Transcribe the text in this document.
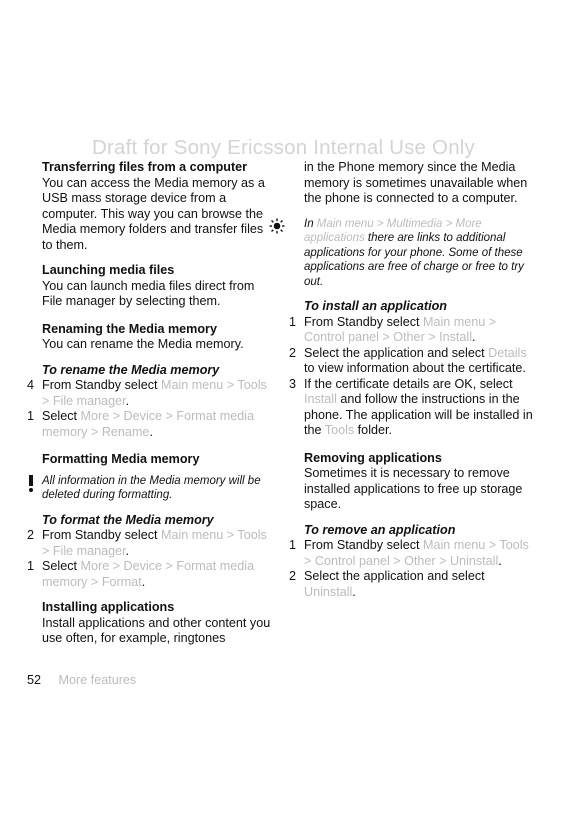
Draft for Sony Ericsson Internal Use Only

Transferring files from a computer

You can access the Media memory as a USB mass storage device from a computer. This way you can browse the Media memory folders and transfer files to them.

Launching media files

You can launch media files direct from File manager by selecting them.

Renaming the Media memory

You can rename the Media memory.

To rename the Media memory

4 From Standby select Main menu > Tools > File manager.

1 Select More > Device > Format media memory > Rename.

Formatting Media memory

All information in the Media memory will be deleted during formatting.

To format the Media memory

2 From Standby select Main menu > Tools > File manager.

1 Select More > Device > Format media memory > Format.

Installing applications

Install applications and other content you use often, for example, ringtones

in the Phone memory since the Media memory is sometimes unavailable when the phone is connected to a computer.

In Main menu > Multimedia > More applications there are links to additional applications for your phone. Some of these applications are free of charge or free to try out.

To install an application

1 From Standby select Main menu > Control panel > Other > Install.

2 Select the application and select Details to view information about the certificate.

3 If the certificate details are OK, select Install and follow the instructions in the phone. The application will be installed in the Tools folder.

Removing applications

Sometimes it is necessary to remove installed applications to free up storage space.

To remove an application

1 From Standby select Main menu > Tools > Control panel > Other > Uninstall.

2 Select the application and select Uninstall.

52 More features
